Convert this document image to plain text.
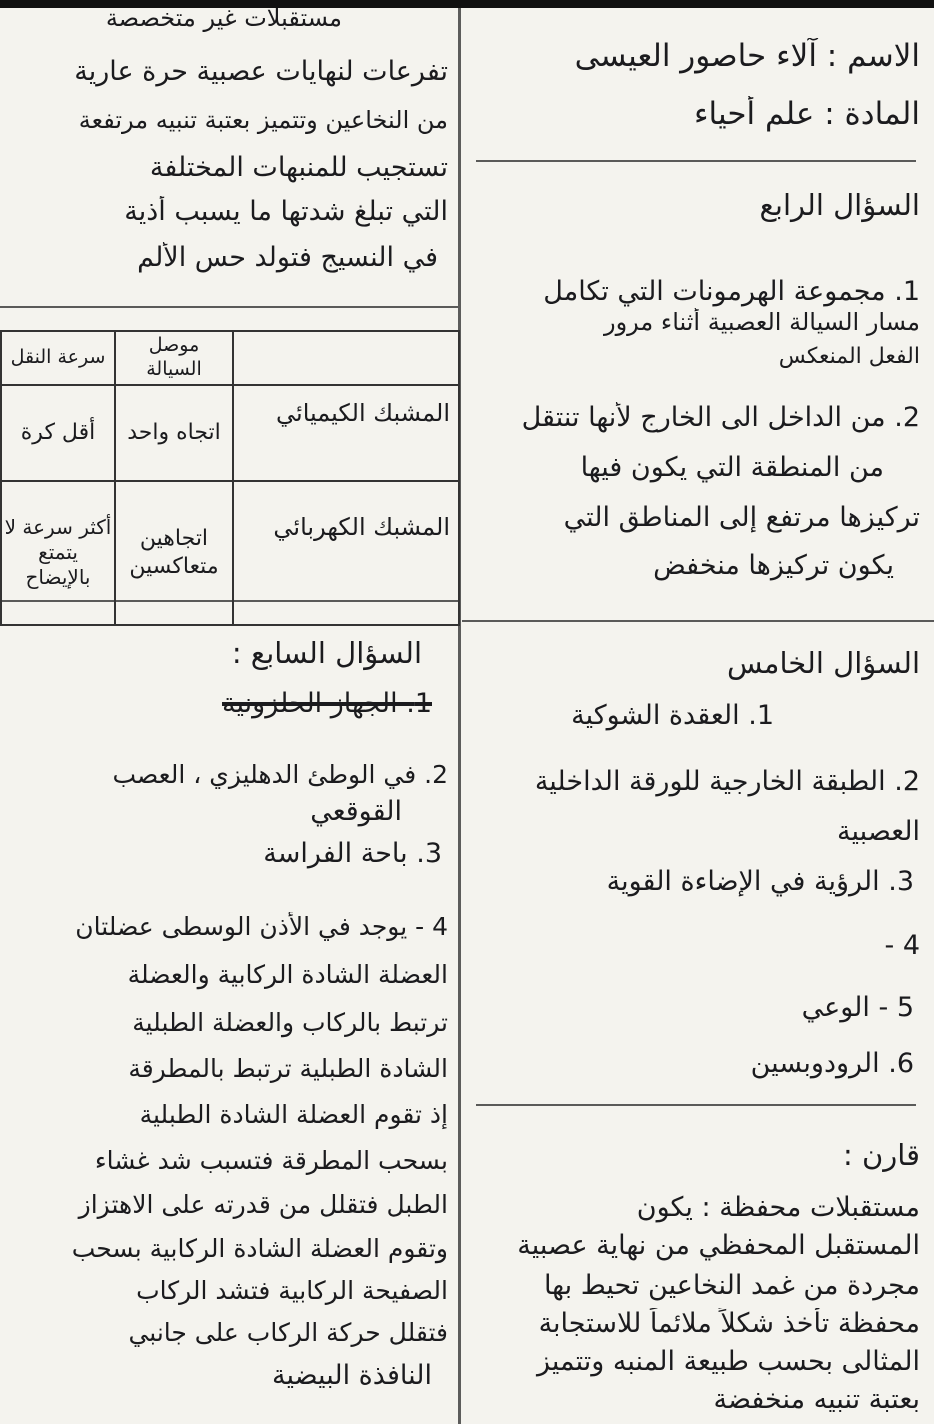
الاسم : آلاء حاصور العيسى
المادة : علم أحياء
السؤال الرابع
1. مجموعة الهرمونات التي تكامل
مسار السيالة العصبية أثناء مرور
الفعل المنعكس
2. من الداخل الى الخارج لأنها تنتقل
من المنطقة التي يكون فيها
تركيزها مرتفع إلى المناطق التي
يكون تركيزها منخفض
السؤال الخامس
1. العقدة الشوكية
2. الطبقة الخارجية للورقة الداخلية
العصبية
3. الرؤية في الإضاءة القوية
4 -
5 - الوعي
6. الرودوبسين
قارن :
مستقبلات محفظة : يكون
المستقبل المحفظي من نهاية عصبية
مجردة من غمد النخاعين تحيط بها
محفظة تأخذ شكلاً ملائماً للاستجابة
المثالى بحسب طبيعة المنبه وتتميز
بعتبة تنبيه منخفضة
مستقبلات غير متخصصة
تفرعات لنهايات عصبية حرة عارية
من النخاعين وتتميز بعتبة تنبيه مرتفعة
تستجيب للمنبهات المختلفة
التي تبلغ شدتها ما يسبب أذية
في النسيج فتولد حس الألم
	موصل السيالة	سرعة النقل
المشبك الكيميائي	اتجاه واحد	أقل كرة
المشبك الكهربائي	اتجاهين متعاكسين	أكثر سرعة لا يتمتع بالإيضاح
السؤال السابع :
1. الجهاز الحلزونية
2. في الوطئ الدهليزي ، العصب
القوقعي
3. باحة الفراسة
4 - يوجد في الأذن الوسطى عضلتان
العضلة الشادة الركابية والعضلة
ترتبط بالركاب والعضلة الطبلية
الشادة الطبلية ترتبط بالمطرقة
إذ تقوم العضلة الشادة الطبلية
بسحب المطرقة فتسبب شد غشاء
الطبل فتقلل من قدرته على الاهتزاز
وتقوم العضلة الشادة الركابية بسحب
الصفيحة الركابية فتشد الركاب
فتقلل حركة الركاب على جانبي
النافذة البيضية
